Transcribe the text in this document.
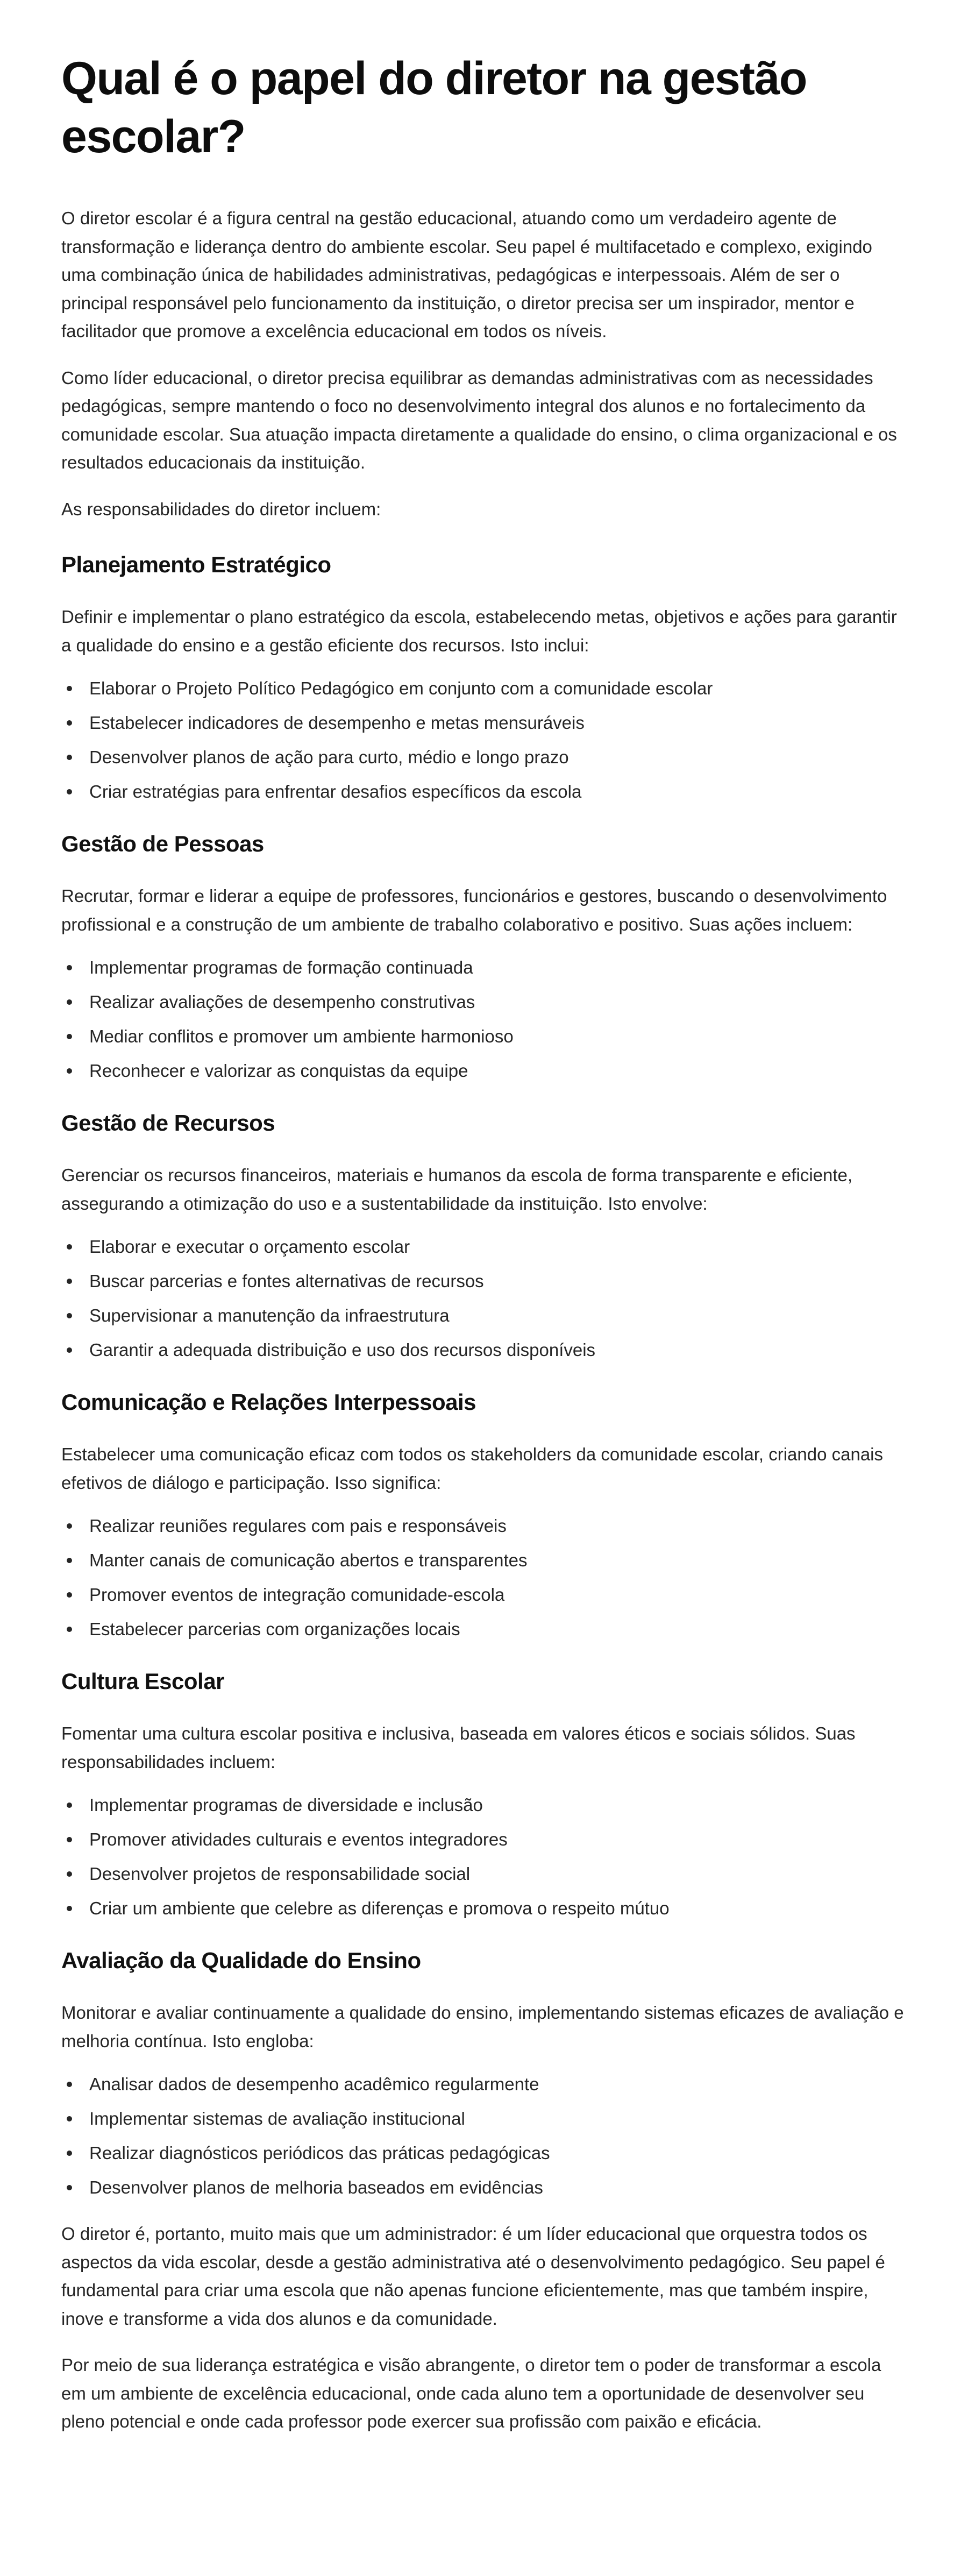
Qual é o papel do diretor na gestão escolar?

O diretor escolar é a figura central na gestão educacional, atuando como um verdadeiro agente de transformação e liderança dentro do ambiente escolar. Seu papel é multifacetado e complexo, exigindo uma combinação única de habilidades administrativas, pedagógicas e interpessoais. Além de ser o principal responsável pelo funcionamento da instituição, o diretor precisa ser um inspirador, mentor e facilitador que promove a excelência educacional em todos os níveis.

Como líder educacional, o diretor precisa equilibrar as demandas administrativas com as necessidades pedagógicas, sempre mantendo o foco no desenvolvimento integral dos alunos e no fortalecimento da comunidade escolar. Sua atuação impacta diretamente a qualidade do ensino, o clima organizacional e os resultados educacionais da instituição.

As responsabilidades do diretor incluem:

Planejamento Estratégico

Definir e implementar o plano estratégico da escola, estabelecendo metas, objetivos e ações para garantir a qualidade do ensino e a gestão eficiente dos recursos. Isto inclui:

Elaborar o Projeto Político Pedagógico em conjunto com a comunidade escolar
Estabelecer indicadores de desempenho e metas mensuráveis
Desenvolver planos de ação para curto, médio e longo prazo
Criar estratégias para enfrentar desafios específicos da escola
Gestão de Pessoas

Recrutar, formar e liderar a equipe de professores, funcionários e gestores, buscando o desenvolvimento profissional e a construção de um ambiente de trabalho colaborativo e positivo. Suas ações incluem:

Implementar programas de formação continuada
Realizar avaliações de desempenho construtivas
Mediar conflitos e promover um ambiente harmonioso
Reconhecer e valorizar as conquistas da equipe
Gestão de Recursos

Gerenciar os recursos financeiros, materiais e humanos da escola de forma transparente e eficiente, assegurando a otimização do uso e a sustentabilidade da instituição. Isto envolve:

Elaborar e executar o orçamento escolar
Buscar parcerias e fontes alternativas de recursos
Supervisionar a manutenção da infraestrutura
Garantir a adequada distribuição e uso dos recursos disponíveis
Comunicação e Relações Interpessoais

Estabelecer uma comunicação eficaz com todos os stakeholders da comunidade escolar, criando canais efetivos de diálogo e participação. Isso significa:

Realizar reuniões regulares com pais e responsáveis
Manter canais de comunicação abertos e transparentes
Promover eventos de integração comunidade-escola
Estabelecer parcerias com organizações locais
Cultura Escolar

Fomentar uma cultura escolar positiva e inclusiva, baseada em valores éticos e sociais sólidos. Suas responsabilidades incluem:

Implementar programas de diversidade e inclusão
Promover atividades culturais e eventos integradores
Desenvolver projetos de responsabilidade social
Criar um ambiente que celebre as diferenças e promova o respeito mútuo
Avaliação da Qualidade do Ensino

Monitorar e avaliar continuamente a qualidade do ensino, implementando sistemas eficazes de avaliação e melhoria contínua. Isto engloba:

Analisar dados de desempenho acadêmico regularmente
Implementar sistemas de avaliação institucional
Realizar diagnósticos periódicos das práticas pedagógicas
Desenvolver planos de melhoria baseados em evidências

O diretor é, portanto, muito mais que um administrador: é um líder educacional que orquestra todos os aspectos da vida escolar, desde a gestão administrativa até o desenvolvimento pedagógico. Seu papel é fundamental para criar uma escola que não apenas funcione eficientemente, mas que também inspire, inove e transforme a vida dos alunos e da comunidade.

Por meio de sua liderança estratégica e visão abrangente, o diretor tem o poder de transformar a escola em um ambiente de excelência educacional, onde cada aluno tem a oportunidade de desenvolver seu pleno potencial e onde cada professor pode exercer sua profissão com paixão e eficácia.
